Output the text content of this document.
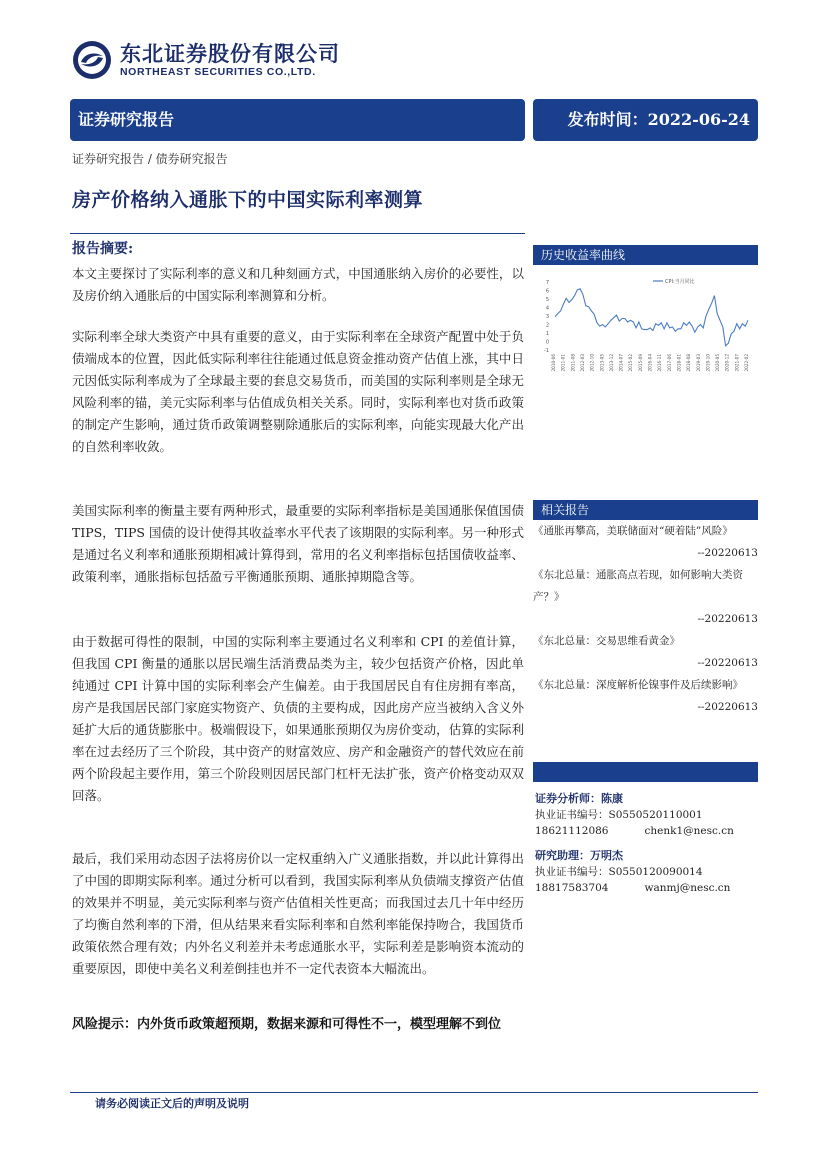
东北证券股份有限公司
NORTHEAST SECURITIES CO.,LTD.
证券研究报告	发布时间：2022-06-24
证券研究报告 / 债券研究报告
房产价格纳入通胀下的中国实际利率测算
报告摘要:
本文主要探讨了实际利率的意义和几种刻画方式，中国通胀纳入房价的必要性，以及房价纳入通胀后的中国实际利率测算和分析。
实际利率全球大类资产中具有重要的意义，由于实际利率在全球资产配置中处于负债端成本的位置，因此低实际利率往往能通过低息资金推动资产估值上涨，其中日元因低实际利率成为了全球最主要的套息交易货币，而美国的实际利率则是全球无风险利率的锚，美元实际利率与估值成负相关关系。同时，实际利率也对货币政策的制定产生影响，通过货币政策调整剔除通胀后的实际利率，向能实现最大化产出的自然利率收敛。
美国实际利率的衡量主要有两种形式，最重要的实际利率指标是美国通胀保值国债 TIPS，TIPS 国债的设计使得其收益率水平代表了该期限的实际利率。另一种形式是通过名义利率和通胀预期相减计算得到，常用的名义利率指标包括国债收益率、政策利率，通胀指标包括盈亏平衡通胀预期、通胀掉期隐含等。
由于数据可得性的限制，中国的实际利率主要通过名义利率和 CPI 的差值计算，但我国 CPI 衡量的通胀以居民端生活消费品类为主，较少包括资产价格，因此单纯通过 CPI 计算中国的实际利率会产生偏差。由于我国居民自有住房拥有率高，房产是我国居民部门家庭实物资产、负债的主要构成，因此房产应当被纳入含义外延扩大后的通货膨胀中。极端假设下，如果通胀预期仅为房价变动，估算的实际利率在过去经历了三个阶段，其中资产的财富效应、房产和金融资产的替代效应在前两个阶段起主要作用，第三个阶段则因居民部门杠杆无法扩张，资产价格变动双双回落。
最后，我们采用动态因子法将房价以一定权重纳入广义通胀指数，并以此计算得出了中国的即期实际利率。通过分析可以看到，我国实际利率从负债端支撑资产估值的效果并不明显，美元实际利率与资产估值相关性更高；而我国过去几十年中经历了均衡自然利率的下滑，但从结果来看实际利率和自然利率能保持吻合，我国货币政策依然合理有效；内外名义利差并未考虑通胀水平，实际利差是影响资本流动的重要原因，即使中美名义利差倒挂也并不一定代表资本大幅流出。
风险提示：内外货币政策超预期，数据来源和可得性不一，模型理解不到位
历史收益率曲线
7
6
5
4
3
2
1
0
-1
2010-06 2011-01 2011-08 2012-03 2012-10 2013-05 2013-12 2014-07 2015-02 2015-09 2016-04 2016-11 2017-06 2018-01 2018-08 2019-03 2019-10 2020-05 2020-12 2021-07 2022-02
CPI:当月同比
相关报告
《通胀再攀高，美联储面对“硬着陆”风险》
--20220613
《东北总量：通胀高点若现，如何影响大类资产？》
--20220613
《东北总量：交易思维看黄金》
--20220613
《东北总量：深度解析伦镍事件及后续影响》
--20220613
证券分析师：陈康
执业证书编号：S0550520110001
18621112086	chenk1@nesc.cn
研究助理：万明杰
执业证书编号：S0550120090014
18817583704	wanmj@nesc.cn
请务必阅读正文后的声明及说明
